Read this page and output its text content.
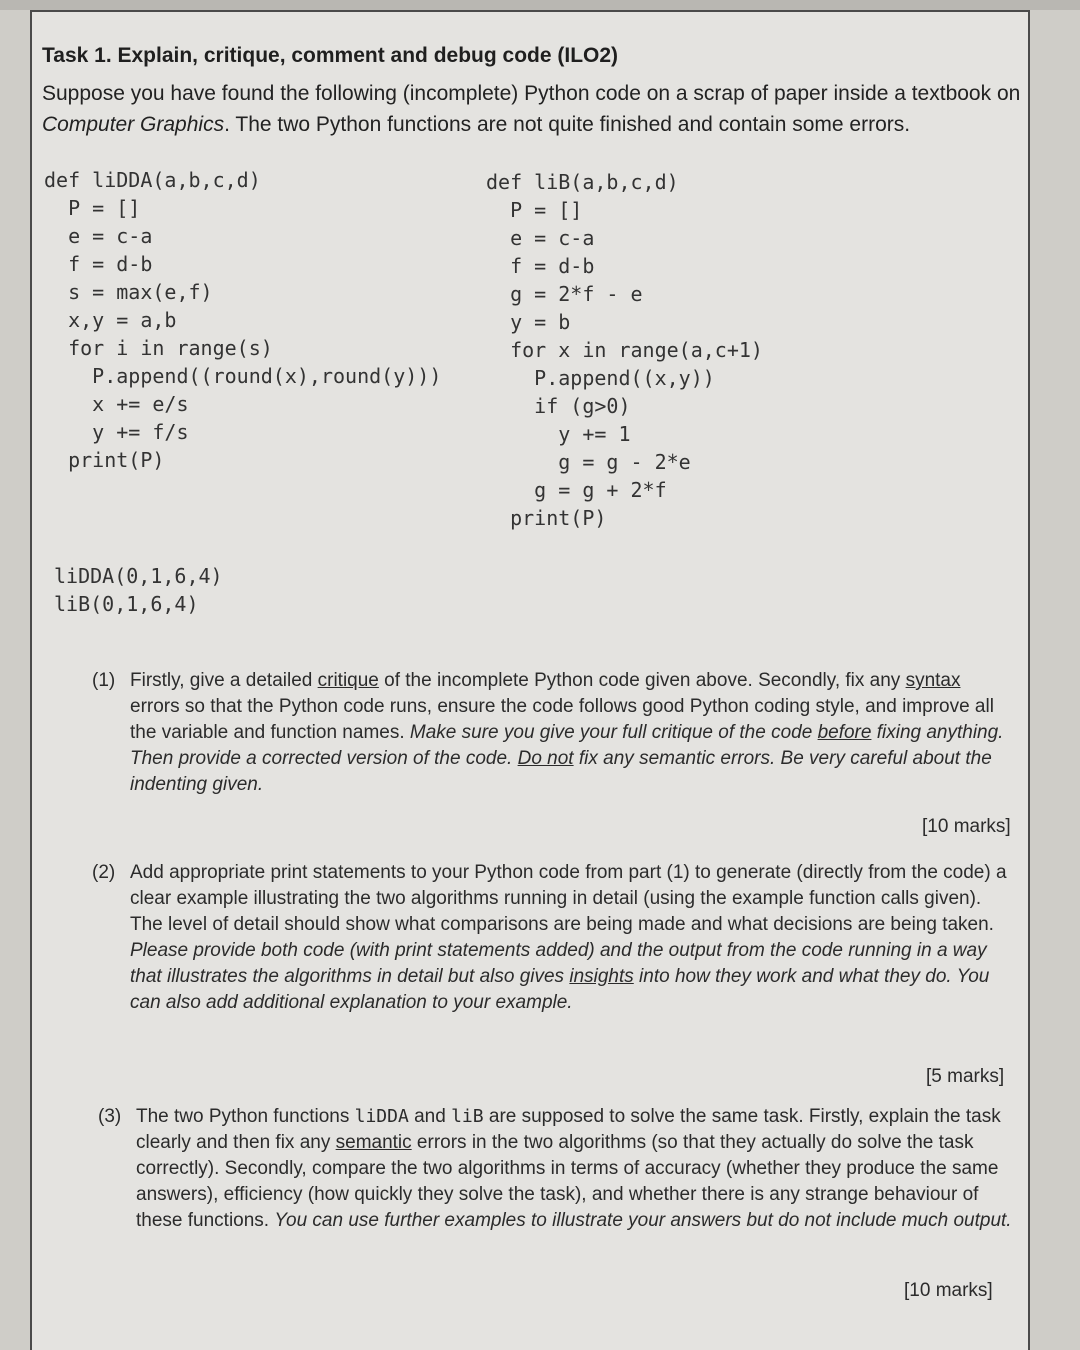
Task 1. Explain, critique, comment and debug code (ILO2)
Suppose you have found the following (incomplete) Python code on a scrap of paper inside a textbook on Computer Graphics. The two Python functions are not quite finished and contain some errors.
def liDDA(a,b,c,d)
P = []
e = c-a
f = d-b
s = max(e,f)
x,y = a,b
for i in range(s)
P.append((round(x),round(y)))
x += e/s
y += f/s
print(P)
def liB(a,b,c,d)
P = []
e = c-a
f = d-b
g = 2*f - e
y = b
for x in range(a,c+1)
P.append((x,y))
if (g>0)
y += 1
g = g - 2*e
g = g + 2*f
print(P)
liDDA(0,1,6,4)
liB(0,1,6,4)
(1) Firstly, give a detailed critique of the incomplete Python code given above. Secondly, fix any syntax errors so that the Python code runs, ensure the code follows good Python coding style, and improve all the variable and function names. Make sure you give your full critique of the code before fixing anything. Then provide a corrected version of the code. Do not fix any semantic errors. Be very careful about the indenting given.
[10 marks]
(2) Add appropriate print statements to your Python code from part (1) to generate (directly from the code) a clear example illustrating the two algorithms running in detail (using the example function calls given). The level of detail should show what comparisons are being made and what decisions are being taken. Please provide both code (with print statements added) and the output from the code running in a way that illustrates the algorithms in detail but also gives insights into how they work and what they do. You can also add additional explanation to your example.
[5 marks]
(3) The two Python functions liDDA and liB are supposed to solve the same task. Firstly, explain the task clearly and then fix any semantic errors in the two algorithms (so that they actually do solve the task correctly). Secondly, compare the two algorithms in terms of accuracy (whether they produce the same answers), efficiency (how quickly they solve the task), and whether there is any strange behaviour of these functions. You can use further examples to illustrate your answers but do not include much output.
[10 marks]
